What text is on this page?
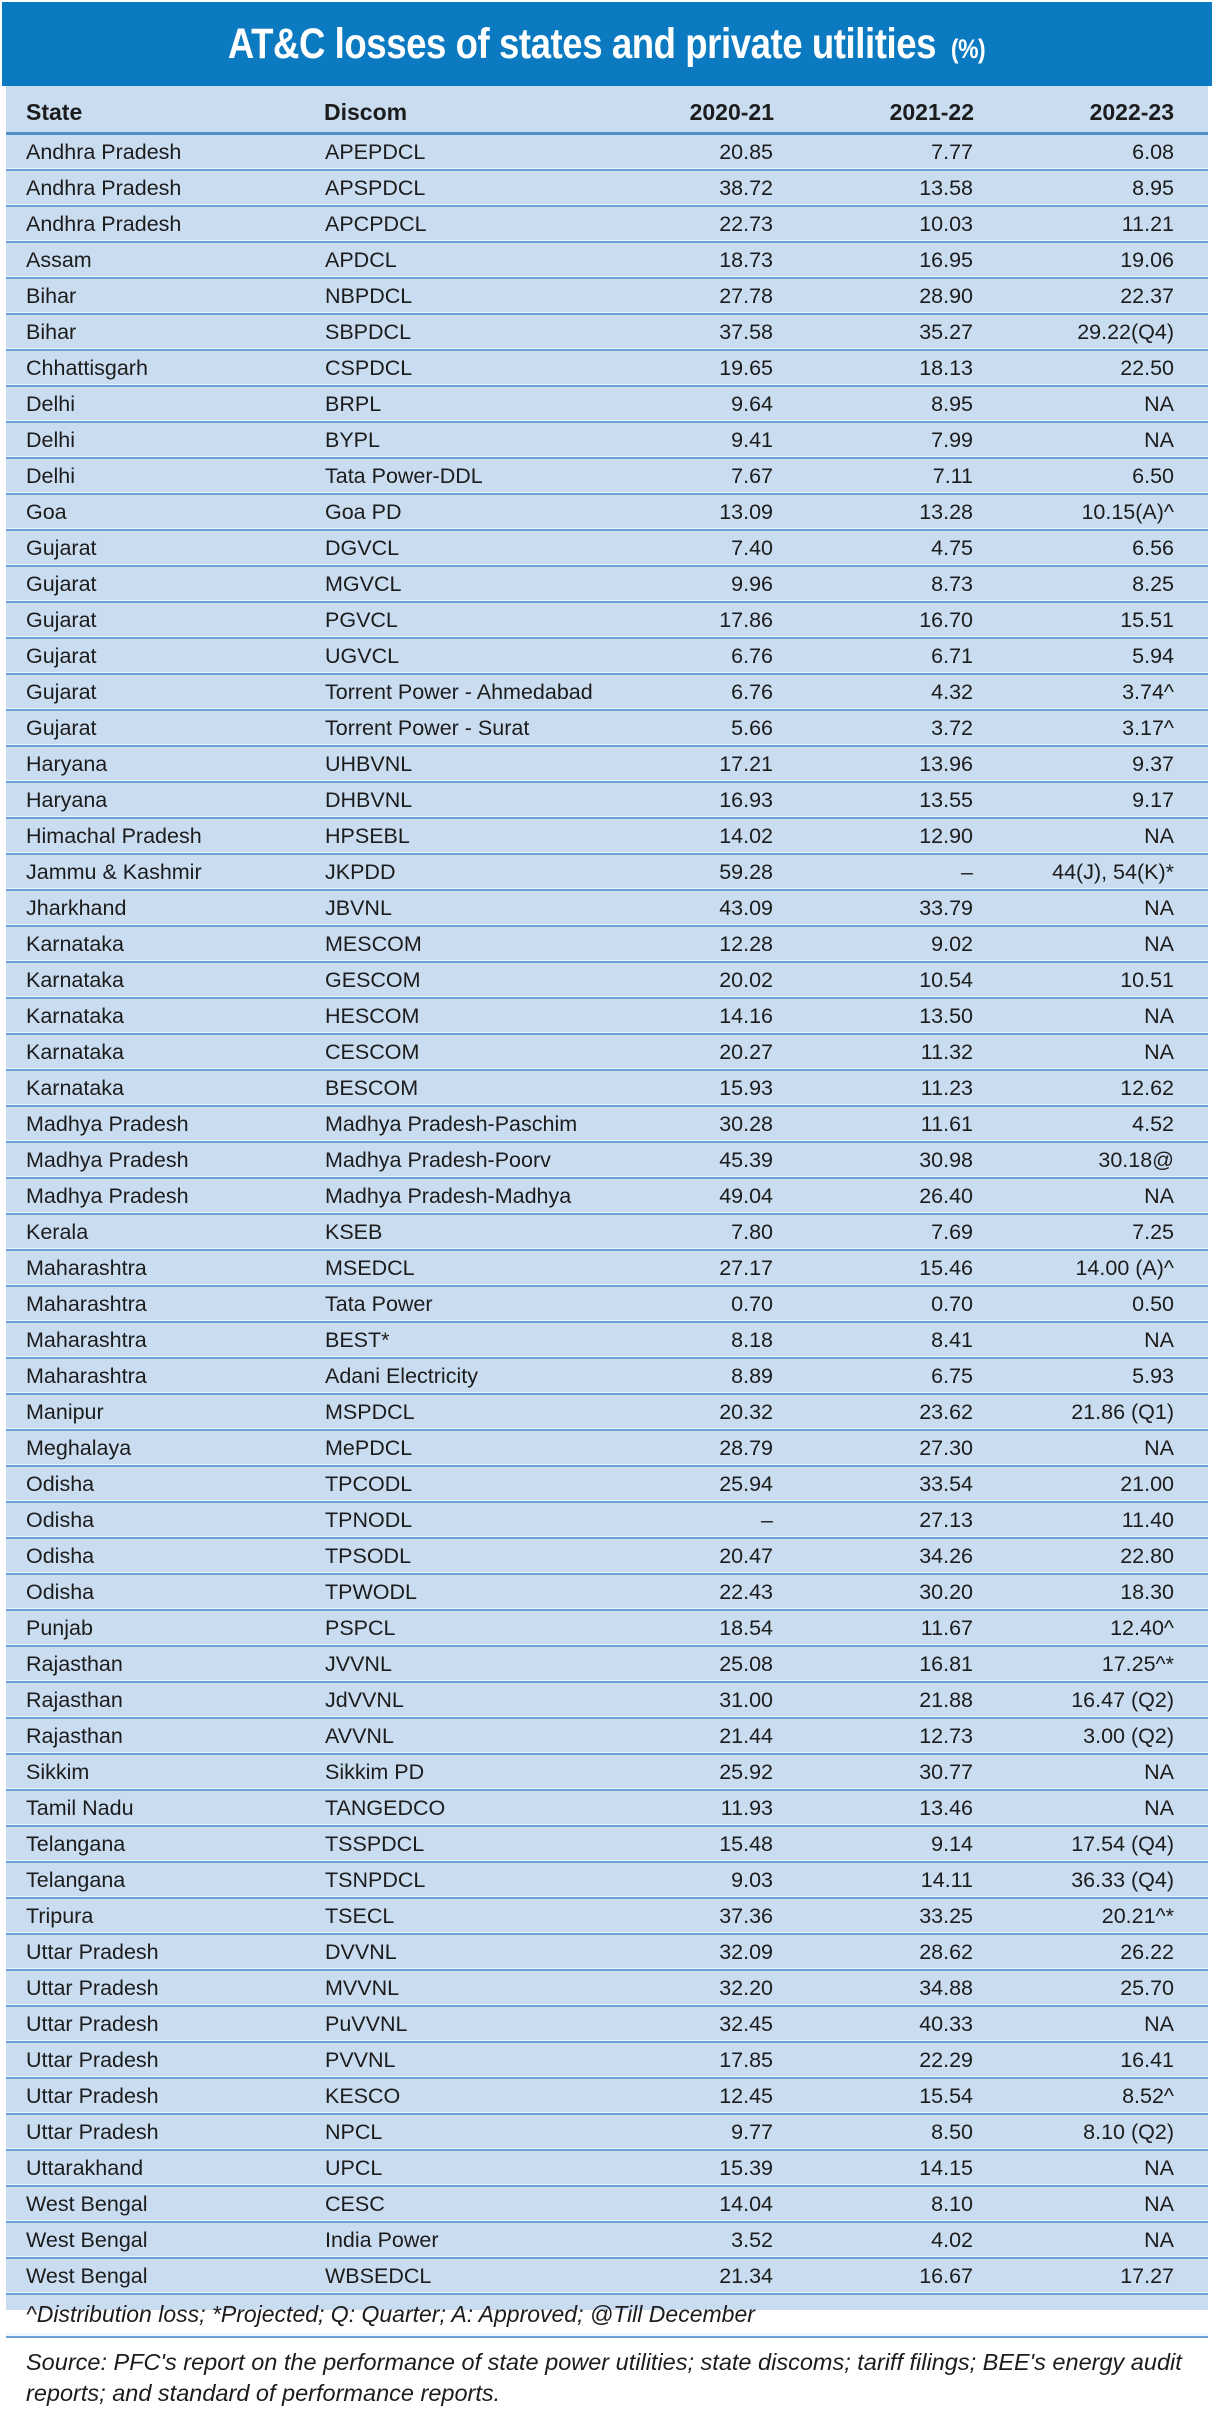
AT&C losses of states and private utilities (%)
State	Discom	2020-21	2021-22	2022-23
Andhra Pradesh	APEPDCL	20.85	7.77	6.08
Andhra Pradesh	APSPDCL	38.72	13.58	8.95
Andhra Pradesh	APCPDCL	22.73	10.03	11.21
Assam	APDCL	18.73	16.95	19.06
Bihar	NBPDCL	27.78	28.90	22.37
Bihar	SBPDCL	37.58	35.27	29.22(Q4)
Chhattisgarh	CSPDCL	19.65	18.13	22.50
Delhi	BRPL	9.64	8.95	NA
Delhi	BYPL	9.41	7.99	NA
Delhi	Tata Power-DDL	7.67	7.11	6.50
Goa	Goa PD	13.09	13.28	10.15(A)^
Gujarat	DGVCL	7.40	4.75	6.56
Gujarat	MGVCL	9.96	8.73	8.25
Gujarat	PGVCL	17.86	16.70	15.51
Gujarat	UGVCL	6.76	6.71	5.94
Gujarat	Torrent Power - Ahmedabad	6.76	4.32	3.74^
Gujarat	Torrent Power - Surat	5.66	3.72	3.17^
Haryana	UHBVNL	17.21	13.96	9.37
Haryana	DHBVNL	16.93	13.55	9.17
Himachal Pradesh	HPSEBL	14.02	12.90	NA
Jammu & Kashmir	JKPDD	59.28	–	44(J), 54(K)*
Jharkhand	JBVNL	43.09	33.79	NA
Karnataka	MESCOM	12.28	9.02	NA
Karnataka	GESCOM	20.02	10.54	10.51
Karnataka	HESCOM	14.16	13.50	NA
Karnataka	CESCOM	20.27	11.32	NA
Karnataka	BESCOM	15.93	11.23	12.62
Madhya Pradesh	Madhya Pradesh-Paschim	30.28	11.61	4.52
Madhya Pradesh	Madhya Pradesh-Poorv	45.39	30.98	30.18@
Madhya Pradesh	Madhya Pradesh-Madhya	49.04	26.40	NA
Kerala	KSEB	7.80	7.69	7.25
Maharashtra	MSEDCL	27.17	15.46	14.00 (A)^
Maharashtra	Tata Power	0.70	0.70	0.50
Maharashtra	BEST*	8.18	8.41	NA
Maharashtra	Adani Electricity	8.89	6.75	5.93
Manipur	MSPDCL	20.32	23.62	21.86 (Q1)
Meghalaya	MePDCL	28.79	27.30	NA
Odisha	TPCODL	25.94	33.54	21.00
Odisha	TPNODL	–	27.13	11.40
Odisha	TPSODL	20.47	34.26	22.80
Odisha	TPWODL	22.43	30.20	18.30
Punjab	PSPCL	18.54	11.67	12.40^
Rajasthan	JVVNL	25.08	16.81	17.25^*
Rajasthan	JdVVNL	31.00	21.88	16.47 (Q2)
Rajasthan	AVVNL	21.44	12.73	3.00 (Q2)
Sikkim	Sikkim PD	25.92	30.77	NA
Tamil Nadu	TANGEDCO	11.93	13.46	NA
Telangana	TSSPDCL	15.48	9.14	17.54 (Q4)
Telangana	TSNPDCL	9.03	14.11	36.33 (Q4)
Tripura	TSECL	37.36	33.25	20.21^*
Uttar Pradesh	DVVNL	32.09	28.62	26.22
Uttar Pradesh	MVVNL	32.20	34.88	25.70
Uttar Pradesh	PuVVNL	32.45	40.33	NA
Uttar Pradesh	PVVNL	17.85	22.29	16.41
Uttar Pradesh	KESCO	12.45	15.54	8.52^
Uttar Pradesh	NPCL	9.77	8.50	8.10 (Q2)
Uttarakhand	UPCL	15.39	14.15	NA
West Bengal	CESC	14.04	8.10	NA
West Bengal	India Power	3.52	4.02	NA
West Bengal	WBSEDCL	21.34	16.67	17.27
^Distribution loss; *Projected; Q: Quarter; A: Approved; @Till December
Source: PFC's report on the performance of state power utilities; state discoms; tariff filings; BEE's energy audit reports; and standard of performance reports.
